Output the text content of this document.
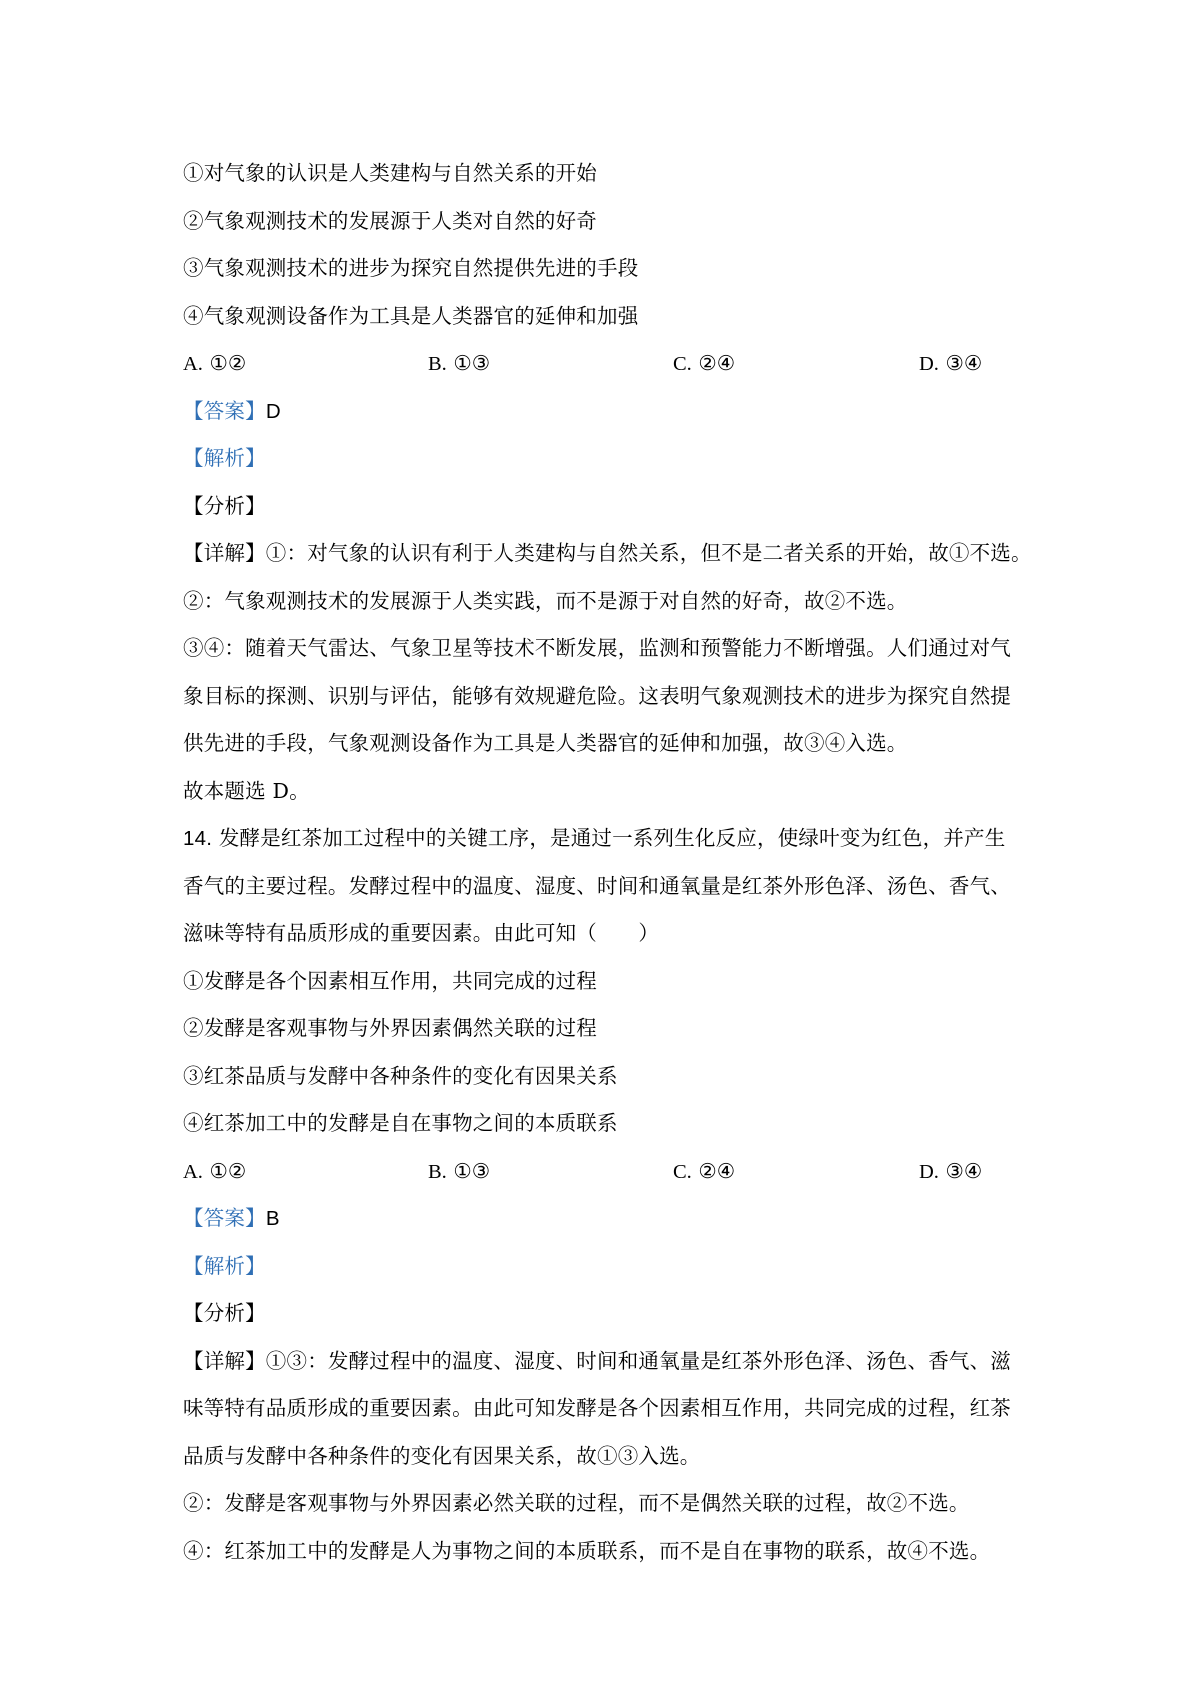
①对气象的认识是人类建构与自然关系的开始
②气象观测技术的发展源于人类对自然的好奇
③气象观测技术的进步为探究自然提供先进的手段
④气象观测设备作为工具是人类器官的延伸和加强
A. ①②	B. ①③	C. ②④	D. ③④
【答案】D
【解析】
【分析】
【详解】①：对气象的认识有利于人类建构与自然关系，但不是二者关系的开始，故①不选。
②：气象观测技术的发展源于人类实践，而不是源于对自然的好奇，故②不选。
③④：随着天气雷达、气象卫星等技术不断发展，监测和预警能力不断增强。人们通过对气
象目标的探测、识别与评估，能够有效规避危险。这表明气象观测技术的进步为探究自然提
供先进的手段，气象观测设备作为工具是人类器官的延伸和加强，故③④入选。
故本题选 D。
14. 发酵是红茶加工过程中的关键工序，是通过一系列生化反应，使绿叶变为红色，并产生
香气的主要过程。发酵过程中的温度、湿度、时间和通氧量是红茶外形色泽、汤色、香气、
滋味等特有品质形成的重要因素。由此可知（　　）
①发酵是各个因素相互作用，共同完成的过程
②发酵是客观事物与外界因素偶然关联的过程
③红茶品质与发酵中各种条件的变化有因果关系
④红茶加工中的发酵是自在事物之间的本质联系
A. ①②	B. ①③	C. ②④	D. ③④
【答案】B
【解析】
【分析】
【详解】①③：发酵过程中的温度、湿度、时间和通氧量是红茶外形色泽、汤色、香气、滋
味等特有品质形成的重要因素。由此可知发酵是各个因素相互作用，共同完成的过程，红茶
品质与发酵中各种条件的变化有因果关系，故①③入选。
②：发酵是客观事物与外界因素必然关联的过程，而不是偶然关联的过程，故②不选。
④：红茶加工中的发酵是人为事物之间的本质联系，而不是自在事物的联系，故④不选。
